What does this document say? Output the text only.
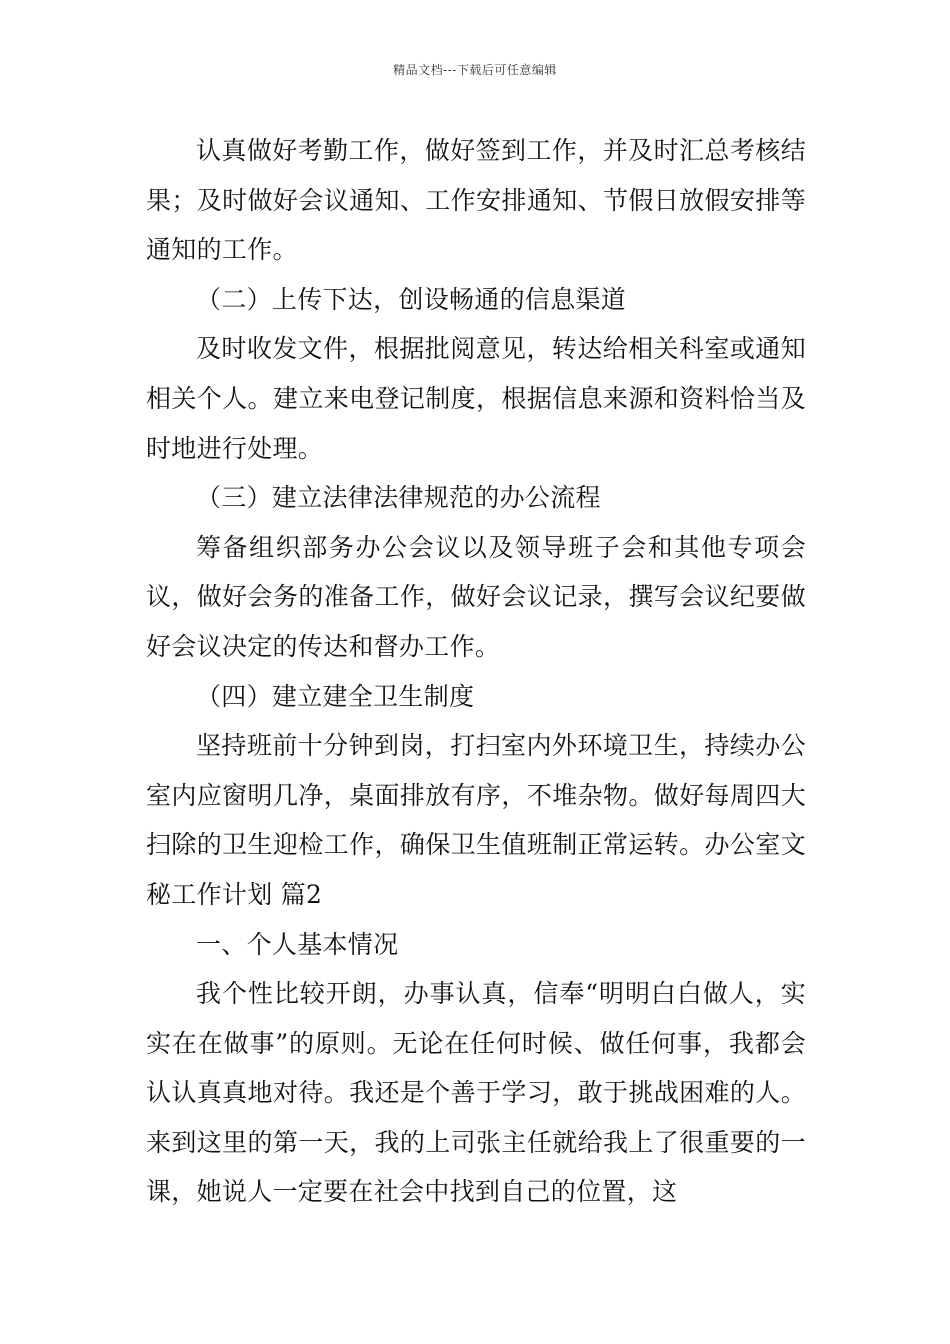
精品文档---下载后可任意编辑

认真做好考勤工作，做好签到工作，并及时汇总考核结果；及时做好会议通知、工作安排通知、节假日放假安排等通知的工作。

（二）上传下达，创设畅通的信息渠道

及时收发文件，根据批阅意见，转达给相关科室或通知相关个人。建立来电登记制度，根据信息来源和资料恰当及时地进行处理。

（三）建立法律法律规范的办公流程

筹备组织部务办公会议以及领导班子会和其他专项会议，做好会务的准备工作，做好会议记录，撰写会议纪要做好会议决定的传达和督办工作。

（四）建立建全卫生制度

坚持班前十分钟到岗，打扫室内外环境卫生，持续办公室内应窗明几净，桌面排放有序，不堆杂物。做好每周四大扫除的卫生迎检工作，确保卫生值班制正常运转。办公室文秘工作计划 篇2

一、个人基本情况

我个性比较开朗，办事认真，信奉“明明白白做人，实实在在做事”的原则。无论在任何时候、做任何事，我都会认认真真地对待。我还是个善于学习，敢于挑战困难的人。来到这里的第一天，我的上司张主任就给我上了很重要的一课，她说人一定要在社会中找到自己的位置，这
